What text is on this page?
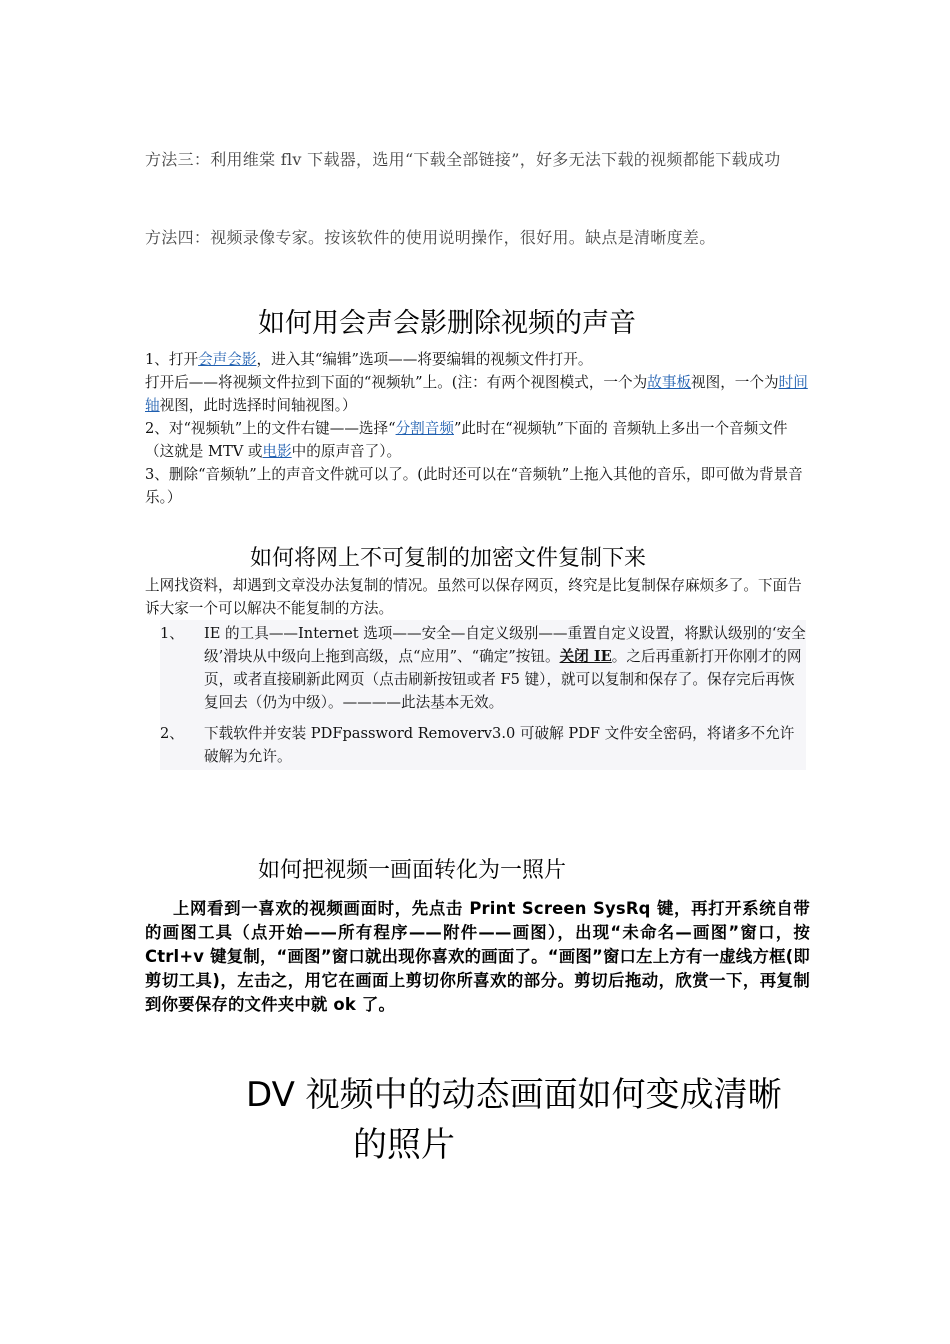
方法三：利用维棠 flv 下载器，选用“下载全部链接”，好多无法下载的视频都能下载成功

方法四：视频录像专家。按该软件的使用说明操作，很好用。缺点是清晰度差。

如何用会声会影删除视频的声音
1、打开会声会影，进入其“编辑”选项——将要编辑的视频文件打开。
打开后——将视频文件拉到下面的“视频轨”上。(注：有两个视图模式，一个为故事板视图，一个为时间轴视图，此时选择时间轴视图。）
2、对“视频轨”上的文件右键——选择“分割音频”此时在“视频轨”下面的 音频轨上多出一个音频文件（这就是 MTV 或电影中的原声音了）。
3、删除“音频轨”上的声音文件就可以了。(此时还可以在“音频轨”上拖入其他的音乐，即可做为背景音乐。）
如何将网上不可复制的加密文件复制下来

上网找资料，却遇到文章没办法复制的情况。虽然可以保存网页，终究是比复制保存麻烦多了。下面告诉大家一个可以解决不能复制的方法。

1、	IE 的工具——Internet 选项——安全—自定义级别——重置自定义设置，将默认级别的‘安全级’滑块从中级向上拖到高级，点“应用”、“确定”按钮。关闭 IE。之后再重新打开你刚才的网页，或者直接刷新此网页（点击刷新按钮或者 F5 键），就可以复制和保存了。保存完后再恢复回去（仍为中级）。————此法基本无效。
2、	下载软件并安装 PDFpassword Removerv3.0 可破解 PDF 文件安全密码，将诸多不允许破解为允许。
如何把视频一画面转化为一照片

上网看到一喜欢的视频画面时，先点击 Print Screen SysRq 键，再打开系统自带的画图工具（点开始——所有程序——附件——画图），出现“未命名—画图”窗口，按 Ctrl+v 键复制，“画图”窗口就出现你喜欢的画面了。“画图”窗口左上方有一虚线方框(即剪切工具)，左击之，用它在画面上剪切你所喜欢的部分。剪切后拖动，欣赏一下，再复制到你要保存的文件夹中就 ok 了。

DV 视频中的动态画面如何变成清晰
的照片
